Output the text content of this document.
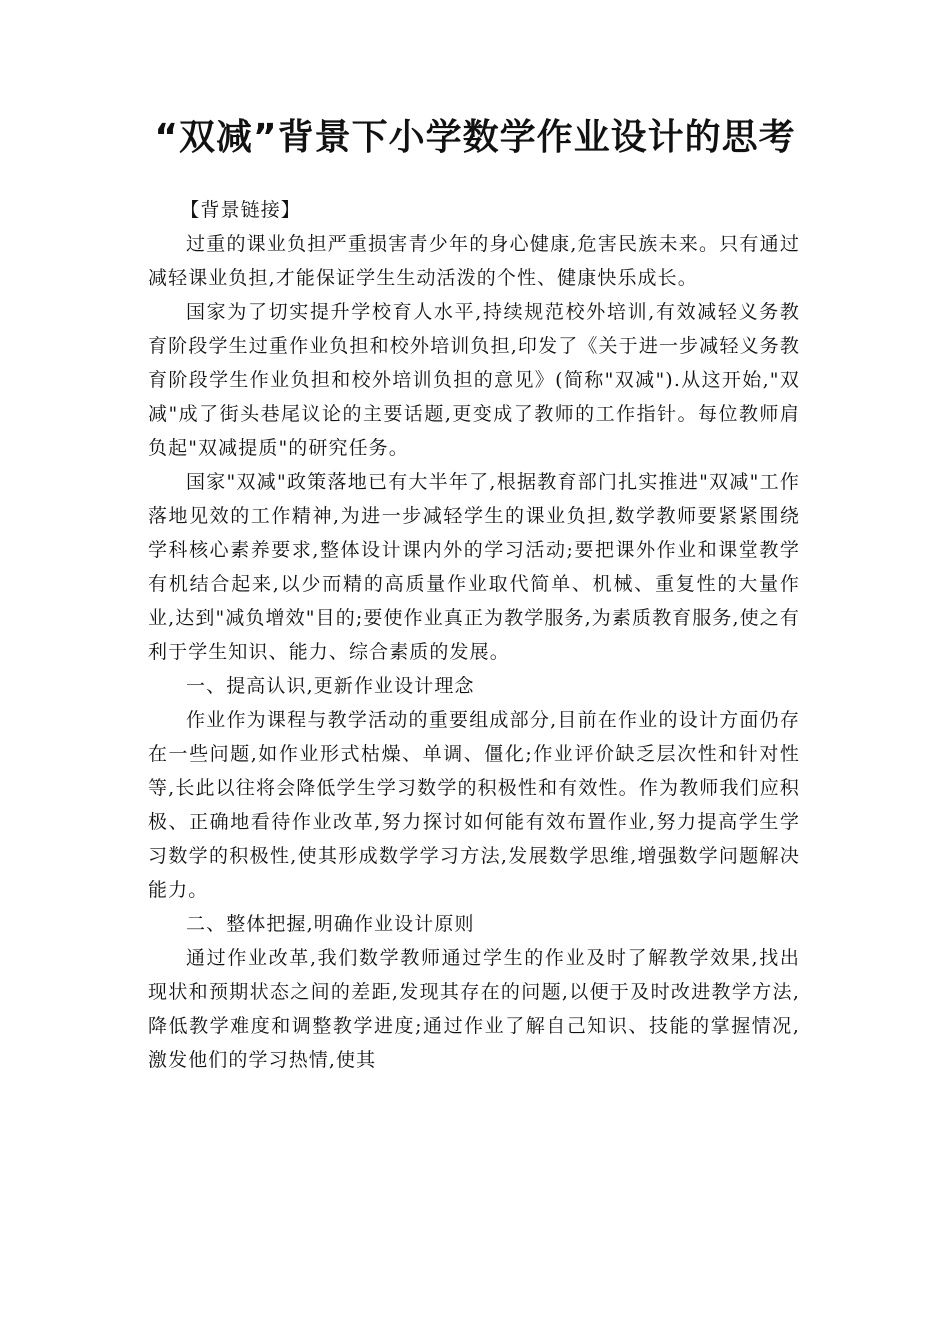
“双减”背景下小学数学作业设计的思考

【背景链接】

过重的课业负担严重损害青少年的身心健康,危害民族未来。只有通过减轻课业负担,才能保证学生生动活泼的个性、健康快乐成长。

国家为了切实提升学校育人水平,持续规范校外培训,有效减轻义务教育阶段学生过重作业负担和校外培训负担,印发了《关于进一步减轻义务教育阶段学生作业负担和校外培训负担的意见》(简称"双减").从这开始,"双减"成了街头巷尾议论的主要话题,更变成了教师的工作指针。每位教师肩负起"双减提质"的研究任务。

国家"双减"政策落地已有大半年了,根据教育部门扎实推进"双减"工作落地见效的工作精神,为进一步减轻学生的课业负担,数学教师要紧紧围绕学科核心素养要求,整体设计课内外的学习活动;要把课外作业和课堂教学有机结合起来,以少而精的高质量作业取代简单、机械、重复性的大量作业,达到"减负增效"目的;要使作业真正为教学服务,为素质教育服务,使之有利于学生知识、能力、综合素质的发展。

一、提高认识,更新作业设计理念

作业作为课程与教学活动的重要组成部分,目前在作业的设计方面仍存在一些问题,如作业形式枯燥、单调、僵化;作业评价缺乏层次性和针对性等,长此以往将会降低学生学习数学的积极性和有效性。作为教师我们应积极、正确地看待作业改革,努力探讨如何能有效布置作业,努力提高学生学习数学的积极性,使其形成数学学习方法,发展数学思维,增强数学问题解决能力。

二、整体把握,明确作业设计原则

通过作业改革,我们数学教师通过学生的作业及时了解教学效果,找出现状和预期状态之间的差距,发现其存在的问题,以便于及时改进教学方法,降低教学难度和调整教学进度;通过作业了解自己知识、技能的掌握情况,激发他们的学习热情,使其
